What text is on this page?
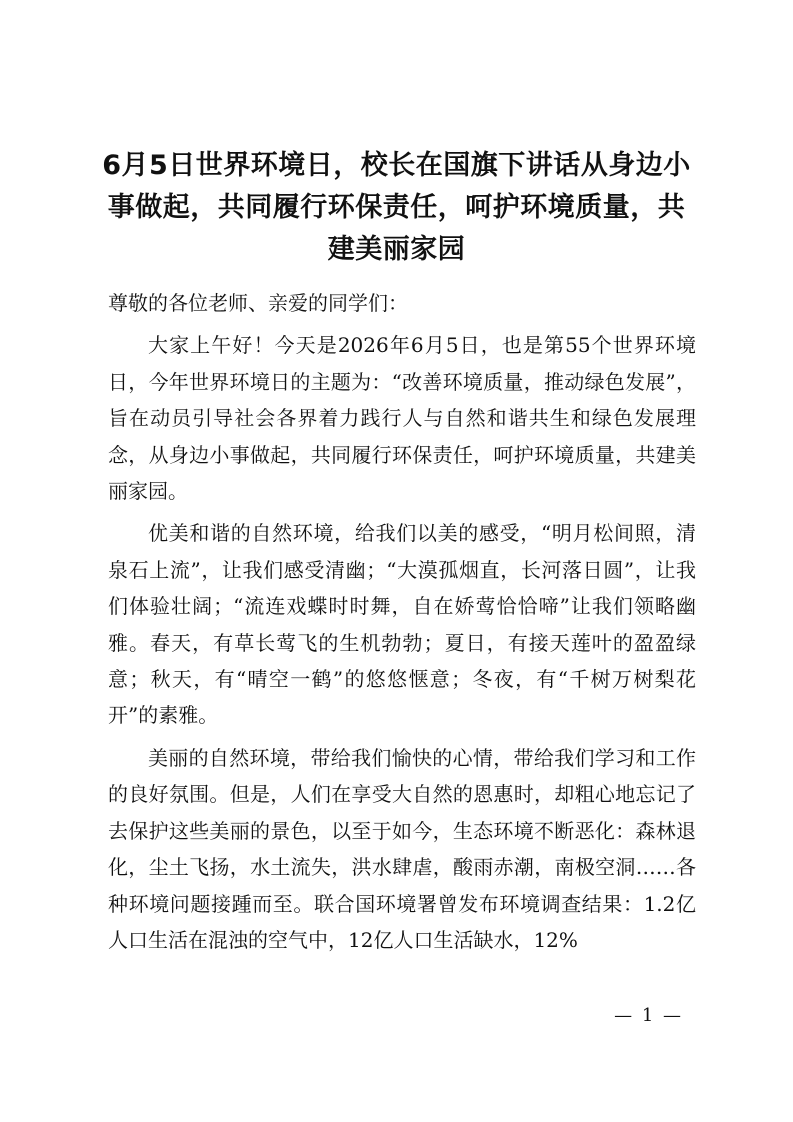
6月5日世界环境日，校长在国旗下讲话从身边小事做起，共同履行环保责任，呵护环境质量，共建美丽家园

尊敬的各位老师、亲爱的同学们：

大家上午好！今天是2026年6月5日，也是第55个世界环境日，今年世界环境日的主题为：“改善环境质量，推动绿色发展”，旨在动员引导社会各界着力践行人与自然和谐共生和绿色发展理念，从身边小事做起，共同履行环保责任，呵护环境质量，共建美丽家园。

优美和谐的自然环境，给我们以美的感受，“明月松间照，清泉石上流”，让我们感受清幽；“大漠孤烟直，长河落日圆”，让我们体验壮阔；“流连戏蝶时时舞，自在娇莺恰恰啼”让我们领略幽雅。春天，有草长莺飞的生机勃勃；夏日，有接天莲叶的盈盈绿意；秋天，有“晴空一鹤”的悠悠惬意；冬夜，有“千树万树梨花开”的素雅。

美丽的自然环境，带给我们愉快的心情，带给我们学习和工作的良好氛围。但是，人们在享受大自然的恩惠时，却粗心地忘记了去保护这些美丽的景色，以至于如今，生态环境不断恶化：森林退化，尘土飞扬，水土流失，洪水肆虐，酸雨赤潮，南极空洞……各种环境问题接踵而至。联合国环境署曾发布环境调查结果：1.2亿人口生活在混浊的空气中，12亿人口生活缺水，12%

— 1 —
